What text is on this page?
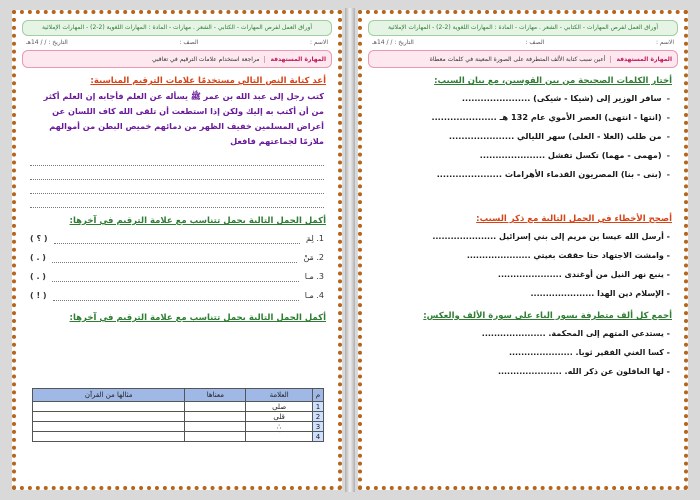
أوراق العمل لفرص المهارات - الكتابي - الشعر . مهارات - المادة : المهارات اللغوية (2-2) - المهارات الإملائية
الاسم :
الصف :
التاريخ : / / 14هـ
المهارة المستهدفة
مراجعة استخدام علامات الترقيم في تعاقبي
أعد كتابة النص التالي مستخدمًا علامات الترقيم المناسبة:
كتب رجل إلى عبد الله بن عمر ﷺ يسأله عن العلم فأجابه إن العلم أكثر من أن أكتب به إليك ولكن إذا استطعت أن تلقى الله كاف اللسان عن أعراض المسلمين خفيف الظهر من دمائهم خميص البطن من أموالهم ملازمًا لجماعتهم فافعل
أكمل الجمل التالية بجمل تتناسب مع علامة الترقيم في آخرها:
1. لِمَ
( ؟ )
2. مَنْ
( . )
3. مـا
( . )
4. مـا
( ! )
أكمل الجمل التالية بجمل تتناسب مع علامة الترقيم في آخرها:
م	العلامة	معناها	مثالها من القرآن
1	صلى		
2	قلى		
3	∴		
4			
أوراق العمل لفرص المهارات - الكتابي - الشعر . مهارات - المادة : المهارات اللغوية (2-2) - المهارات الإملائية
الاسم :
الصف :
التاريخ : / / 14هـ
المهارة المستهدفة
أعين سبب كتابة الألف المتطرفة على الصورة المعينة في كلمات معطاة
أختار الكلمات الصحيحة من بين القوسين، مع بيان السبب:
-سافر الوزير إلى (شيكا - شيكى) ......................
-(انتها - انتهى) العصر الأموي عام 132 هـ .....................
-من طلب (العلا - العلى) سهر الليالي .....................
-(مهمى - مهما) تكسل تفشل .....................
-(بنى - بنا) المصريون القدماء الأهرامات .....................
أصحح الأخطاء في الجمل التالية مع ذكر السبب:
- أرسل الله عيسا بن مريم إلى بني إسرائيل .....................
- وامشت الاجتهاد حتا حققت بغيتي .....................
- ينبع نهر النيل من أوغندى .....................
- الإسلام دين الهدا .....................
أجمع كل ألف متطرفة بسور الياء على سورة الألف والعكس:
- يستدعي المتهم إلى المحكمة. .....................
- كسا الغني الفقير ثوبا. .....................
- لها الغافلون عن ذكر الله. .....................
